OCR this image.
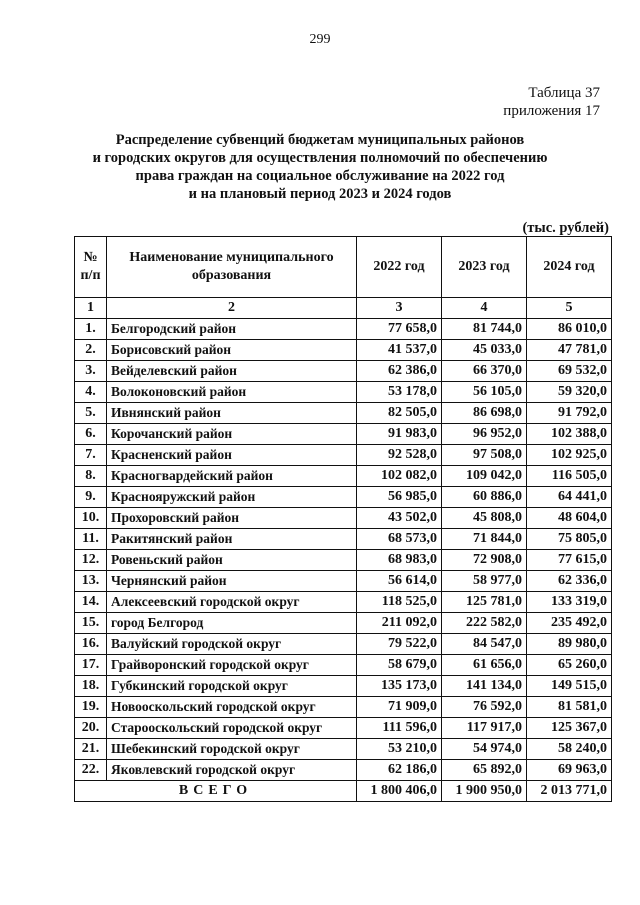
299
Таблица 37
приложения 17
Распределение субвенций бюджетам муниципальных районов
и городских округов для осуществления полномочий по обеспечению
права граждан на социальное обслуживание на 2022 год
и на плановый период 2023 и 2024 годов
(тыс. рублей)
№ п/п	Наименование муниципального образования	2022 год	2023 год	2024 год
1	2	3	4	5
1.	Белгородский район	77 658,0	81 744,0	86 010,0
2.	Борисовский район	41 537,0	45 033,0	47 781,0
3.	Вейделевский район	62 386,0	66 370,0	69 532,0
4.	Волоконовский район	53 178,0	56 105,0	59 320,0
5.	Ивнянский район	82 505,0	86 698,0	91 792,0
6.	Корочанский район	91 983,0	96 952,0	102 388,0
7.	Красненский район	92 528,0	97 508,0	102 925,0
8.	Красногвардейский район	102 082,0	109 042,0	116 505,0
9.	Краснояружский район	56 985,0	60 886,0	64 441,0
10.	Прохоровский район	43 502,0	45 808,0	48 604,0
11.	Ракитянский район	68 573,0	71 844,0	75 805,0
12.	Ровеньский район	68 983,0	72 908,0	77 615,0
13.	Чернянский район	56 614,0	58 977,0	62 336,0
14.	Алексеевский городской округ	118 525,0	125 781,0	133 319,0
15.	город Белгород	211 092,0	222 582,0	235 492,0
16.	Валуйский городской округ	79 522,0	84 547,0	89 980,0
17.	Грайворонский городской округ	58 679,0	61 656,0	65 260,0
18.	Губкинский городской округ	135 173,0	141 134,0	149 515,0
19.	Новооскольский городской округ	71 909,0	76 592,0	81 581,0
20.	Старооскольский городской округ	111 596,0	117 917,0	125 367,0
21.	Шебекинский городской округ	53 210,0	54 974,0	58 240,0
22.	Яковлевский городской округ	62 186,0	65 892,0	69 963,0
ВСЕГО		1 800 406,0	1 900 950,0	2 013 771,0
